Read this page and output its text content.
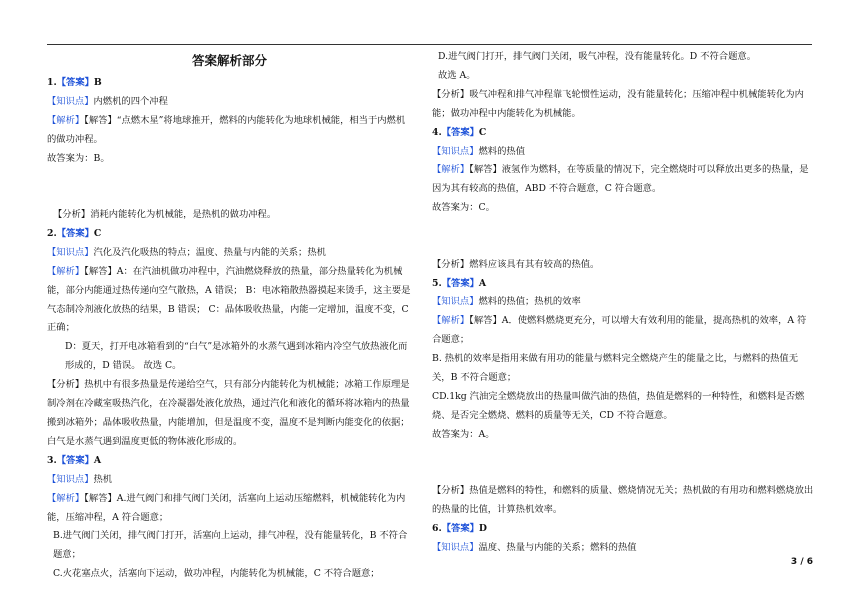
答案解析部分

1.【答案】B

【知识点】内燃机的四个冲程

【解析】【解答】“点燃木星”将地球推开，燃料的内能转化为地球机械能，相当于内燃机的做功冲程。

故答案为：B。

【分析】消耗内能转化为机械能，是热机的做功冲程。

2.【答案】C

【知识点】汽化及汽化吸热的特点；温度、热量与内能的关系；热机

【解析】【解答】A：在汽油机做功冲程中，汽油燃烧释放的热量，部分热量转化为机械能，部分内能通过热传递向空气散热，A 错误； B：电冰箱散热器摸起来烫手，这主要是气态制冷剂液化放热的结果，B 错误； C：晶体吸收热量，内能一定增加，温度不变，C 正确；

D：夏天，打开电冰箱看到的“白气”是冰箱外的水蒸气遇到冰箱内冷空气放热液化而形成的，D 错误。 故选 C。

【分析】热机中有很多热量是传递给空气，只有部分内能转化为机械能；冰箱工作原理是制冷剂在冷藏室吸热汽化，在冷凝器处液化放热，通过汽化和液化的循环将冰箱内的热量搬到冰箱外；晶体吸收热量，内能增加，但是温度不变，温度不是判断内能变化的依据；白气是水蒸气遇到温度更低的物体液化形成的。

3.【答案】A

【知识点】热机

【解析】【解答】A.进气阀门和排气阀门关闭，活塞向上运动压缩燃料，机械能转化为内能，压缩冲程，A 符合题意；

B.进气阀门关闭，排气阀门打开，活塞向上运动，排气冲程，没有能量转化，B 不符合题意；

C.火花塞点火，活塞向下运动，做功冲程，内能转化为机械能，C 不符合题意；

D.进气阀门打开，排气阀门关闭，吸气冲程，没有能量转化。D 不符合题意。

故选 A。

【分析】吸气冲程和排气冲程靠飞轮惯性运动，没有能量转化；压缩冲程中机械能转化为内能；做功冲程中内能转化为机械能。

4.【答案】C

【知识点】燃料的热值

【解析】【解答】液氢作为燃料，在等质量的情况下，完全燃烧时可以释放出更多的热量，是因为其有较高的热值，ABD 不符合题意，C 符合题意。

故答案为：C。

【分析】燃料应该具有其有较高的热值。

5.【答案】A

【知识点】燃料的热值；热机的效率

【解析】【解答】A．使燃料燃烧更充分，可以增大有效利用的能量，提高热机的效率，A 符合题意；

B. 热机的效率是指用来做有用功的能量与燃料完全燃烧产生的能量之比，与燃料的热值无关，B 不符合题意；

CD.1kg 汽油完全燃烧放出的热量叫做汽油的热值，热值是燃料的一种特性，和燃料是否燃烧、是否完全燃烧、燃料的质量等无关，CD 不符合题意。

故答案为：A。

【分析】热值是燃料的特性，和燃料的质量、燃烧情况无关；热机做的有用功和燃料燃烧放出的热量的比值，计算热机效率。

6.【答案】D

【知识点】温度、热量与内能的关系；燃料的热值

3 / 6
